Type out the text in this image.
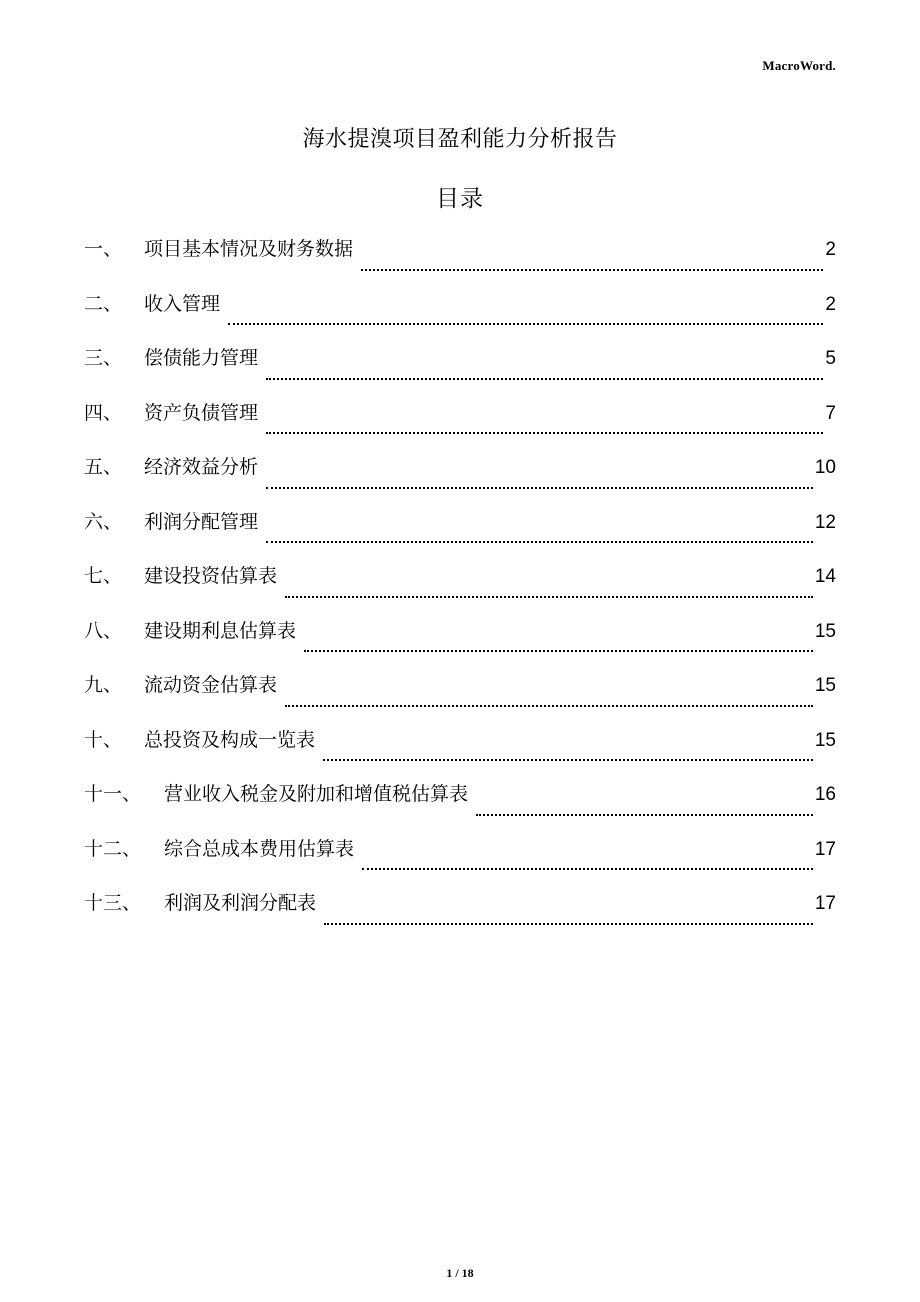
MacroWord.
海水提溴项目盈利能力分析报告
目录
一、	项目基本情况及财务数据	2
二、	收入管理	2
三、	偿债能力管理	5
四、	资产负债管理	7
五、	经济效益分析	10
六、	利润分配管理	12
七、	建设投资估算表	14
八、	建设期利息估算表	15
九、	流动资金估算表	15
十、	总投资及构成一览表	15
十一、	营业收入税金及附加和增值税估算表	16
十二、	综合总成本费用估算表	17
十三、	利润及利润分配表	17
1 / 18
